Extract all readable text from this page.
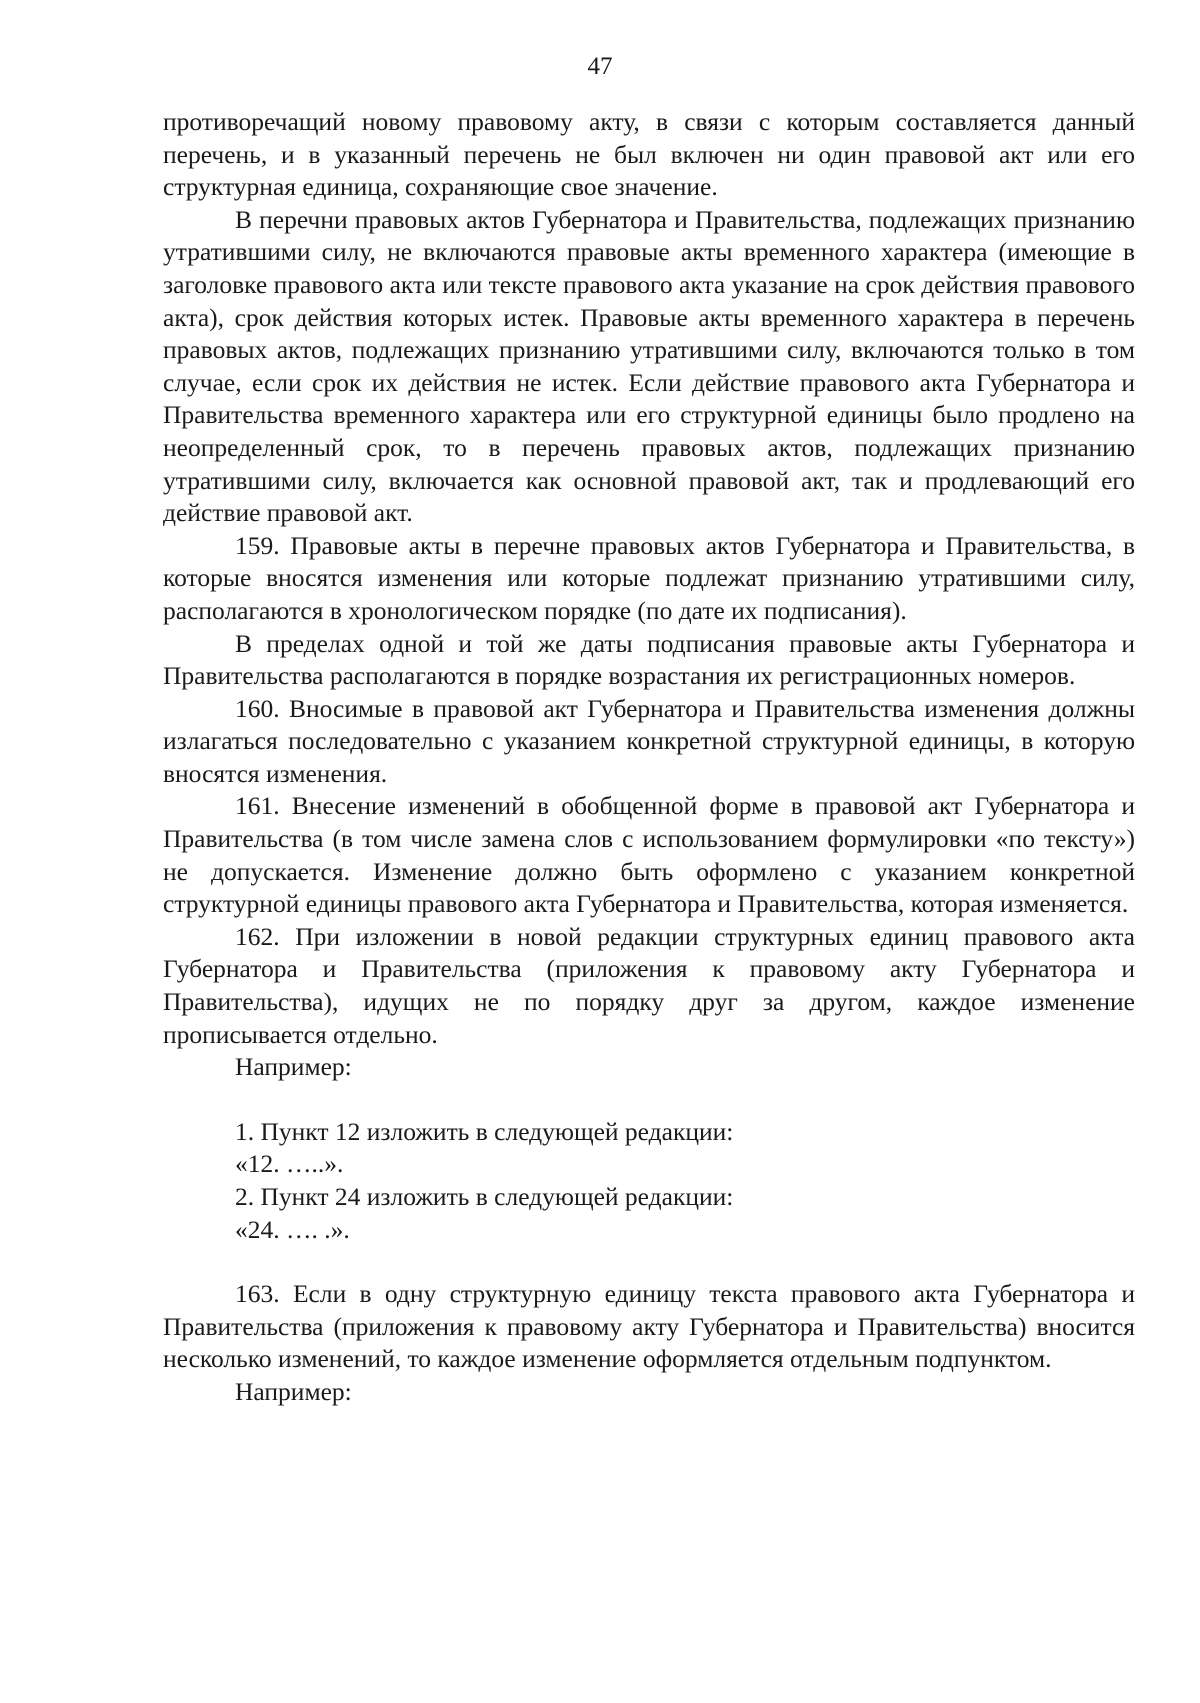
47

противоречащий новому правовому акту, в связи с которым составляется данный перечень, и в указанный перечень не был включен ни один правовой акт или его структурная единица, сохраняющие свое значение.

В перечни правовых актов Губернатора и Правительства, подлежащих признанию утратившими силу, не включаются правовые акты временного характера (имеющие в заголовке правового акта или тексте правового акта указание на срок действия правового акта), срок действия которых истек. Правовые акты временного характера в перечень правовых актов, подлежащих признанию утратившими силу, включаются только в том случае, если срок их действия не истек. Если действие правового акта Губернатора и Правительства временного характера или его структурной единицы было продлено на неопределенный срок, то в перечень правовых актов, подлежащих признанию утратившими силу, включается как основной правовой акт, так и продлевающий его действие правовой акт.

159. Правовые акты в перечне правовых актов Губернатора и Правительства, в которые вносятся изменения или которые подлежат признанию утратившими силу, располагаются в хронологическом порядке (по дате их подписания).

В пределах одной и той же даты подписания правовые акты Губернатора и Правительства располагаются в порядке возрастания их регистрационных номеров.

160. Вносимые в правовой акт Губернатора и Правительства изменения должны излагаться последовательно с указанием конкретной структурной единицы, в которую вносятся изменения.

161. Внесение изменений в обобщенной форме в правовой акт Губернатора и Правительства (в том числе замена слов с использованием формулировки «по тексту») не допускается. Изменение должно быть оформлено с указанием конкретной структурной единицы правового акта Губернатора и Правительства, которая изменяется.

162. При изложении в новой редакции структурных единиц правового акта Губернатора и Правительства (приложения к правовому акту Губернатора и Правительства), идущих не по порядку друг за другом, каждое изменение прописывается отдельно.

Например:

1. Пункт 12 изложить в следующей редакции:

«12. …..».

2. Пункт 24 изложить в следующей редакции:

«24. …. .».

163. Если в одну структурную единицу текста правового акта Губернатора и Правительства (приложения к правовому акту Губернатора и Правительства) вносится несколько изменений, то каждое изменение оформляется отдельным подпунктом.

Например:
